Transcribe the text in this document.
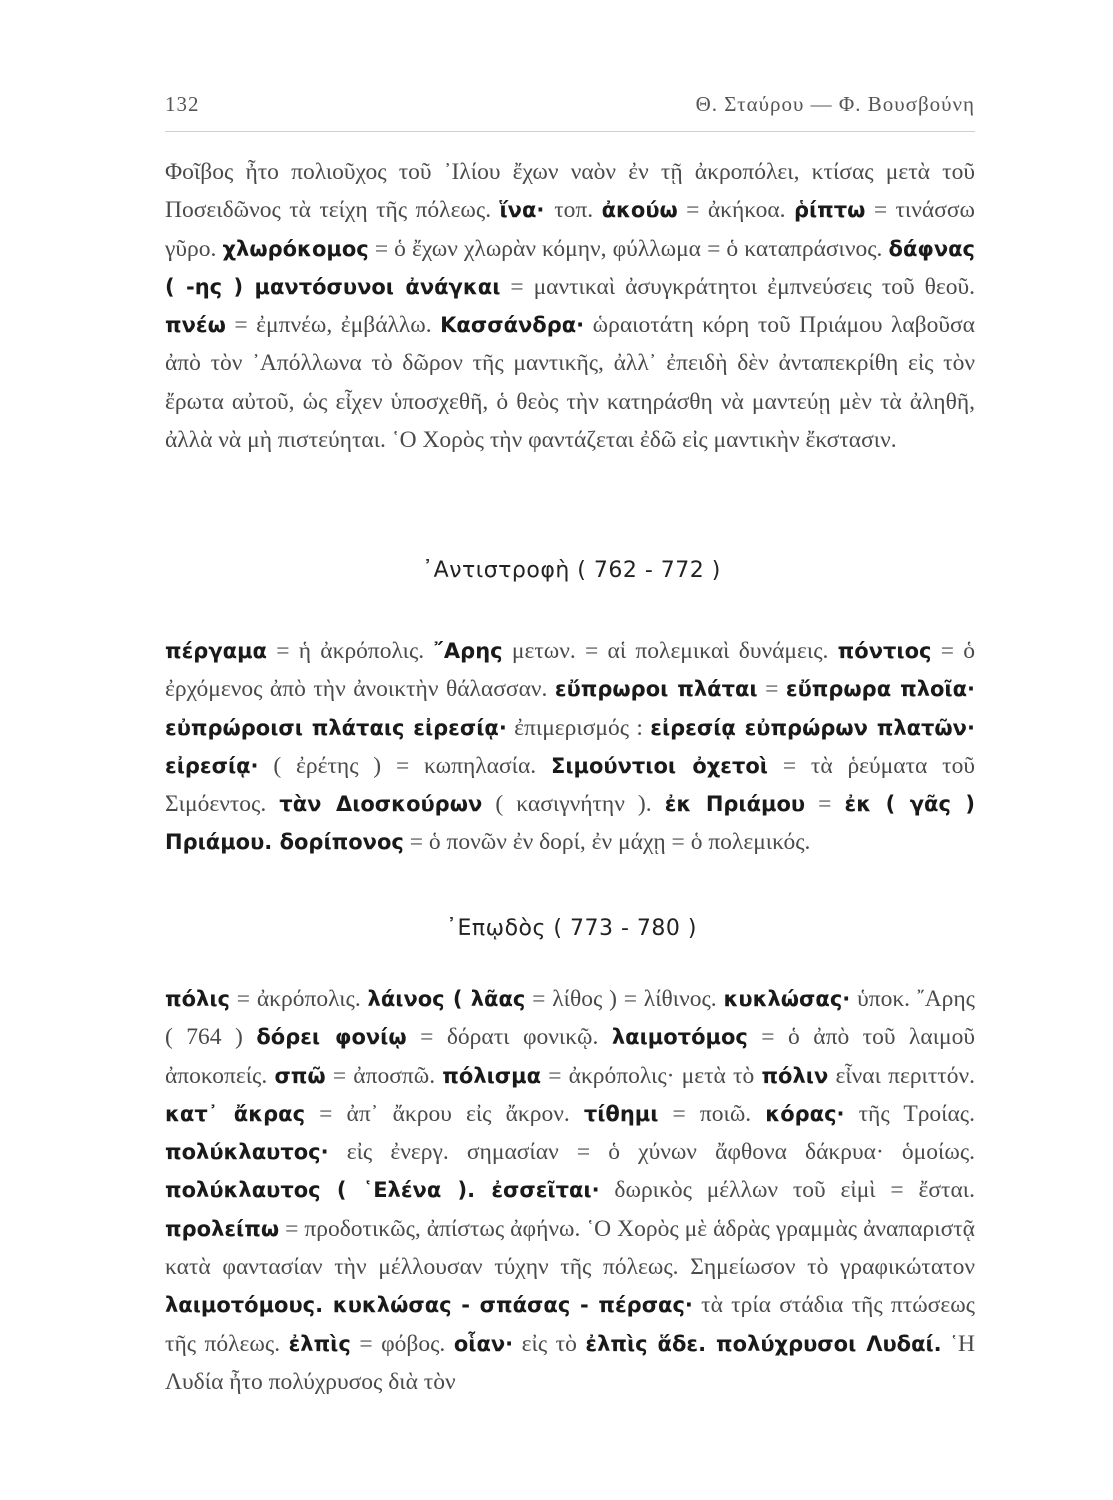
132	Θ. Σταύρου — Φ. Βουσβούνη

Φοῖβος ἦτο πολιοῦχος τοῦ ᾿Ιλίου ἔχων ναὸν ἐν τῇ ἀκροπόλει, κτίσας μετὰ τοῦ Ποσειδῶνος τὰ τείχη τῆς πόλεως. ἵνα· τοπ. ἀκούω = ἀκήκοα. ῥίπτω = τινάσσω γῦρο. χλωρόκομος = ὁ ἔχων χλωρὰν κόμην, φύλλωμα = ὁ καταπράσινος. δάφνας ( -ης ) μαντόσυνοι ἀνάγκαι = μαντικαὶ ἀσυγκράτητοι ἐμπνεύσεις τοῦ θεοῦ. πνέω = ἐμπνέω, ἐμβάλλω. Κασσάνδρα· ὡραιοτάτη κόρη τοῦ Πριάμου λαβοῦσα ἀπὸ τὸν ᾿Απόλλωνα τὸ δῶρον τῆς μαντικῆς, ἀλλ᾿ ἐπειδὴ δὲν ἀνταπεκρίθη εἰς τὸν ἔρωτα αὐτοῦ, ὡς εἶχεν ὑποσχεθῆ, ὁ θεὸς τὴν κατηράσθη νὰ μαντεύῃ μὲν τὰ ἀληθῆ, ἀλλὰ νὰ μὴ πιστεύηται. ῾Ο Χορὸς τὴν φαντάζεται ἐδῶ εἰς μαντικὴν ἔκστασιν.

᾿Αντιστροφὴ ( 762 - 772 )

πέργαμα = ἡ ἀκρόπολις. ῎Αρης μετων. = αἱ πολεμικαὶ δυνάμεις. πόντιος = ὁ ἐρχόμενος ἀπὸ τὴν ἀνοικτὴν θάλασσαν. εὔπρωροι πλάται = εὔπρωρα πλοῖα· εὐπρώροισι πλάταις εἰρεσίᾳ· ἐπιμερισμός : εἰρεσίᾳ εὐπρώρων πλατῶν· εἰρεσίᾳ· ( ἐρέτης ) = κωπηλασία. Σιμούντιοι ὀχετοὶ = τὰ ῥεύματα τοῦ Σιμόεντος. τὰν Διοσκούρων ( κασιγνήτην ). ἐκ Πριάμου = ἐκ ( γᾶς ) Πριάμου. δορίπονος = ὁ πονῶν ἐν δορί, ἐν μάχῃ = ὁ πολεμικός.

᾿Επῳδὸς ( 773 - 780 )

πόλις = ἀκρόπολις. λάινος ( λᾶας = λίθος ) = λίθινος. κυκλώσας· ὑποκ. ῎Αρης ( 764 ) δόρει φονίῳ = δόρατι φονικῷ. λαιμοτόμος = ὁ ἀπὸ τοῦ λαιμοῦ ἀποκοπείς. σπῶ = ἀποσπῶ. πόλισμα = ἀκρόπολις· μετὰ τὸ πόλιν εἶναι περιττόν. κατ᾿ ἄκρας = ἀπ᾿ ἄκρου εἰς ἄκρον. τίθημι = ποιῶ. κόρας· τῆς Τροίας. πολύκλαυτος· εἰς ἐνεργ. σημασίαν = ὁ χύνων ἄφθονα δάκρυα· ὁμοίως. πολύκλαυτος ( ῾Ελένα ). ἐσσεῖται· δωρικὸς μέλλων τοῦ εἰμὶ = ἔσται. προλείπω = προδοτικῶς, ἀπίστως ἀφήνω. ῾Ο Χορὸς μὲ ἁδρὰς γραμμὰς ἀναπαριστᾷ κατὰ φαντασίαν τὴν μέλλουσαν τύχην τῆς πόλεως. Σημείωσον τὸ γραφικώτατον λαιμοτόμους. κυκλώσας - σπάσας - πέρσας· τὰ τρία στάδια τῆς πτώσεως τῆς πόλεως. ἐλπὶς = φόβος. οἷαν· εἰς τὸ ἐλπὶς ἅδε. πολύχρυσοι Λυδαί. ῾Η Λυδία ἦτο πολύχρυσος διὰ τὸν
